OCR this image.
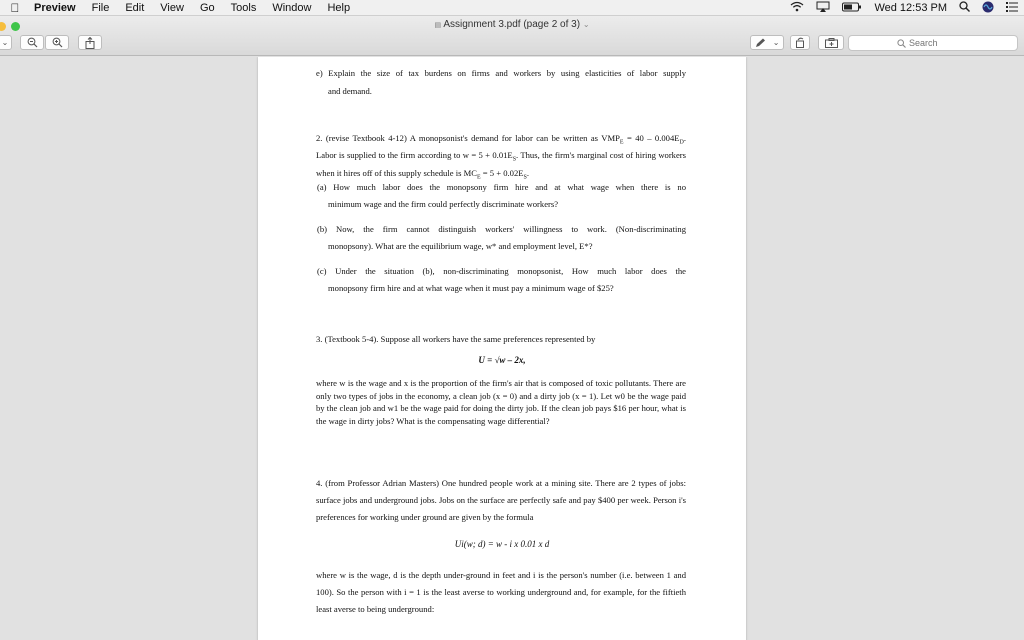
Preview	File	Edit	View	Go	Tools	Window	Help	Wed 12:53 PM
▤ Assignment 3.pdf (page 2 of 3) ⌄
⌄	⌄
Search
e) Explain the size of tax burdens on firms and workers by using elasticities of labor supply
and demand.
2. (revise Textbook 4-12) A monopsonist's demand for labor can be written as $VMP_E = 40 - 0.004E_D$. Labor is supplied to the firm according to $w = 5 + 0.01E_S$. Thus, the firm's marginal cost of hiring workers when it hires off of this supply schedule is $MC_E = 5 + 0.02E_S$.
(a) How much labor does the monopsony firm hire and at what wage when there is no
minimum wage and the firm could perfectly discriminate workers?
(b) Now, the firm cannot distinguish workers' willingness to work. (Non-discriminating
monopsony). What are the equilibrium wage, w* and employment level, E*?
(c) Under the situation (b), non-discriminating monopsonist, How much labor does the
monopsony firm hire and at what wage when it must pay a minimum wage of $25?
3. (Textbook 5-4). Suppose all workers have the same preferences represented by
U = √w – 2x,
where w is the wage and x is the proportion of the firm's air that is composed of toxic pollutants. There are only two types of jobs in the economy, a clean job (x = 0) and a dirty job (x = 1). Let w0 be the wage paid by the clean job and w1 be the wage paid for doing the dirty job. If the clean job pays $16 per hour, what is the wage in dirty jobs? What is the compensating wage differential?
4. (from Professor Adrian Masters) One hundred people work at a mining site. There are 2 types of jobs: surface jobs and underground jobs. Jobs on the surface are perfectly safe and pay $400 per week. Person i's preferences for working under ground are given by the formula
Ui(w; d) = w - i x 0.01 x d
where w is the wage, d is the depth under-ground in feet and i is the person's number (i.e. between 1 and 100). So the person with i = 1 is the least averse to working underground and, for example, for the fiftieth least averse to being underground:
